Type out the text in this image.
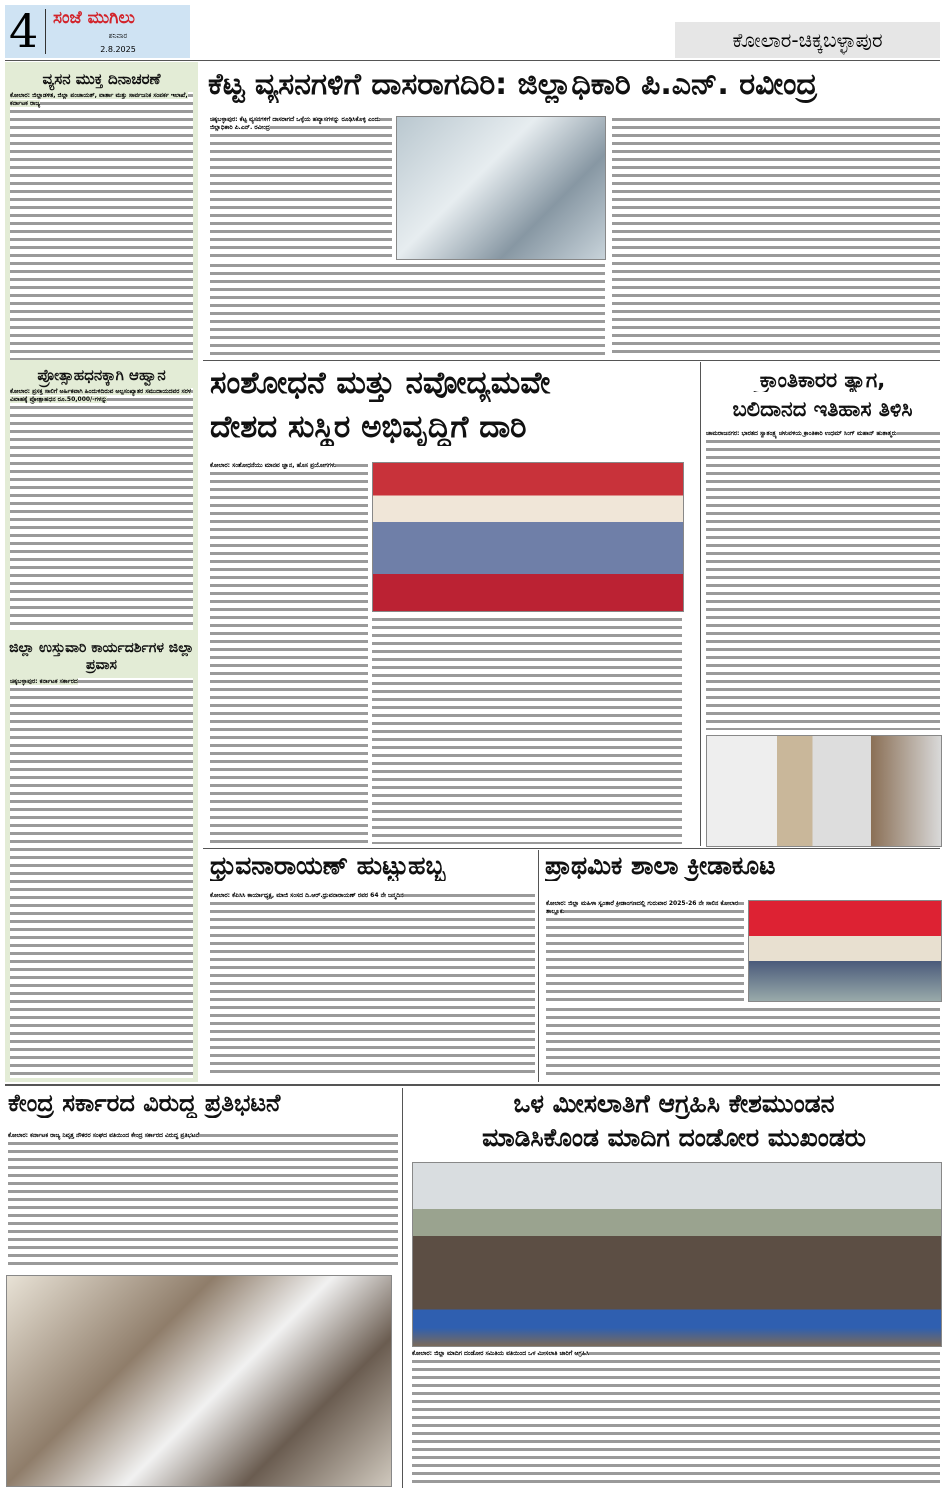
4 ಸಂಜೆ ಮುಗಿಲು
ಶನಿವಾರ
2.8.2025	ಕೋಲಾರ-ಚಿಕ್ಕಬಳ್ಳಾಪುರ
ವ್ಯಸನ ಮುಕ್ತ ದಿನಾಚರಣೆ
ಕೋಲಾರ: ಜಿಲ್ಲಾಡಳಿತ, ಜಿಲ್ಲಾ ಪಂಚಾಯತ್, ವಾರ್ತಾ ಮತ್ತು ಸಾರ್ವಜನಿಕ ಸಂಪರ್ಕ ಇಲಾಖೆ, ಕರ್ನಾಟಕ ರಾಜ್ಯ
ಪ್ರೋತ್ಸಾಹಧನಕ್ಕಾಗಿ ಆಹ್ವಾನ
ಕೋಲಾರ: ಪ್ರಸಕ್ತ ಸಾಲಿಗೆ ಅರ್ಹಿಕವಾಗಿ ಹಿಂದುಳಿದಿರುವ ಅಲ್ಪಸಂಖ್ಯಾತರ ಸಮುದಾಯದವರ ಸರಳ ವಿವಾಹಕ್ಕೆ ಪ್ರೋತ್ಸಾಹಧನ ರೂ.50,000/-ಗಳನ್ನು
ಜಿಲ್ಲಾ ಉಸ್ತುವಾರಿ ಕಾರ್ಯದರ್ಶಿಗಳ ಜಿಲ್ಲಾ ಪ್ರವಾಸ
ಚಿಕ್ಕಬಳ್ಳಾಪುರ: ಕರ್ನಾಟಕ ಸರ್ಕಾರದ
ಕೆಟ್ಟ ವ್ಯಸನಗಳಿಗೆ ದಾಸರಾಗದಿರಿ: ಜಿಲ್ಲಾಧಿಕಾರಿ ಪಿ.ಎನ್. ರವೀಂದ್ರ
ಚಿಕ್ಕಬಳ್ಳಾಪುರ: ಕೆಟ್ಟ ವ್ಯಸನಗಳಿಗೆ ದಾಸರಾಗದೆ ಒಳ್ಳೆಯ ಹವ್ಯಾಸಗಳನ್ನು ರೂಢಿಸಿಕೊಳ್ಳಿ ಎಂದು ಜಿಲ್ಲಾಧಿಕಾರಿ ಪಿ.ಎನ್. ರವೀಂದ್ರ
ಸಂಶೋಧನೆ ಮತ್ತು ನವೋದ್ಯಮವೇ
ದೇಶದ ಸುಸ್ಥಿರ ಅಭಿವೃದ್ಧಿಗೆ ದಾರಿ
ಕೋಲಾರ: ಸಂಶೋಧನೆಯು ಮಾನವ ಜ್ಞಾನ, ಹೊಸ ಪ್ರಯೋಗಗಳು
ಕ್ರಾಂತಿಕಾರರ ತ್ಯಾಗ,
ಬಲಿದಾನದ ಇತಿಹಾಸ ತಿಳಿಸಿ
ಚಾಮರಾಜನಗರ: ಭಾರತದ ಸ್ವಾತಂತ್ರ್ಯ ಚಳುವಳಿಯ ಕ್ರಾಂತಿಕಾರಿ ಉಧಮ್ ಸಿಂಗ್ ಮಹಾನ್ ಹುತಾತ್ಮರು
ಧ್ರುವನಾರಾಯಣ್ ಹುಟ್ಟುಹಬ್ಬ
ಕೋಲಾರ: ಕೆಪಿಸಿಸಿ ಕಾರ್ಯಾಧ್ಯಕ್ಷ, ಮಾಜಿ ಸಂಸದ ದಿ.ಆರ್.ಧ್ರುವನಾರಾಯಣ್ ರವರ 64 ನೇ ಜನ್ಮದಿನ
ಪ್ರಾಥಮಿಕ ಶಾಲಾ ಕ್ರೀಡಾಕೂಟ
ಕೋಲಾರ: ಜಿಲ್ಲಾ ಮಹಿಳಾ ಸ್ವಂತಾರೆ ಕ್ರೀಡಾಂಗಣದಲ್ಲಿ ಗುರುವಾರ 2025-26 ನೇ ಸಾಲಿನ ಕೋಲಾರ ತಾಲ್ಲೂಕು
ಕೇಂದ್ರ ಸರ್ಕಾರದ ವಿರುದ್ಧ ಪ್ರತಿಭಟನೆ
ಕೋಲಾರ: ಕರ್ನಾಟಕ ರಾಜ್ಯ ನಿವೃತ್ತ ನೌಕರರ ಸಂಘದ ವತಿಯಿಂದ ಕೇಂದ್ರ ಸರ್ಕಾರದ ವಿರುದ್ಧ ಪ್ರತಿಭಟನೆ
ಒಳ ಮೀಸಲಾತಿಗೆ ಆಗ್ರಹಿಸಿ ಕೇಶಮುಂಡನ
ಮಾಡಿಸಿಕೊಂಡ ಮಾದಿಗ ದಂಡೋರ ಮುಖಂಡರು
ಕೋಲಾರ: ಜಿಲ್ಲಾ ಮಾದಿಗ ದಂಡೋರ ಸಮಿತಿಯ ವತಿಯಿಂದ ಒಳ ಮೀಸಲಾತಿ ಜಾರಿಗೆ ಆಗ್ರಹಿಸಿ
